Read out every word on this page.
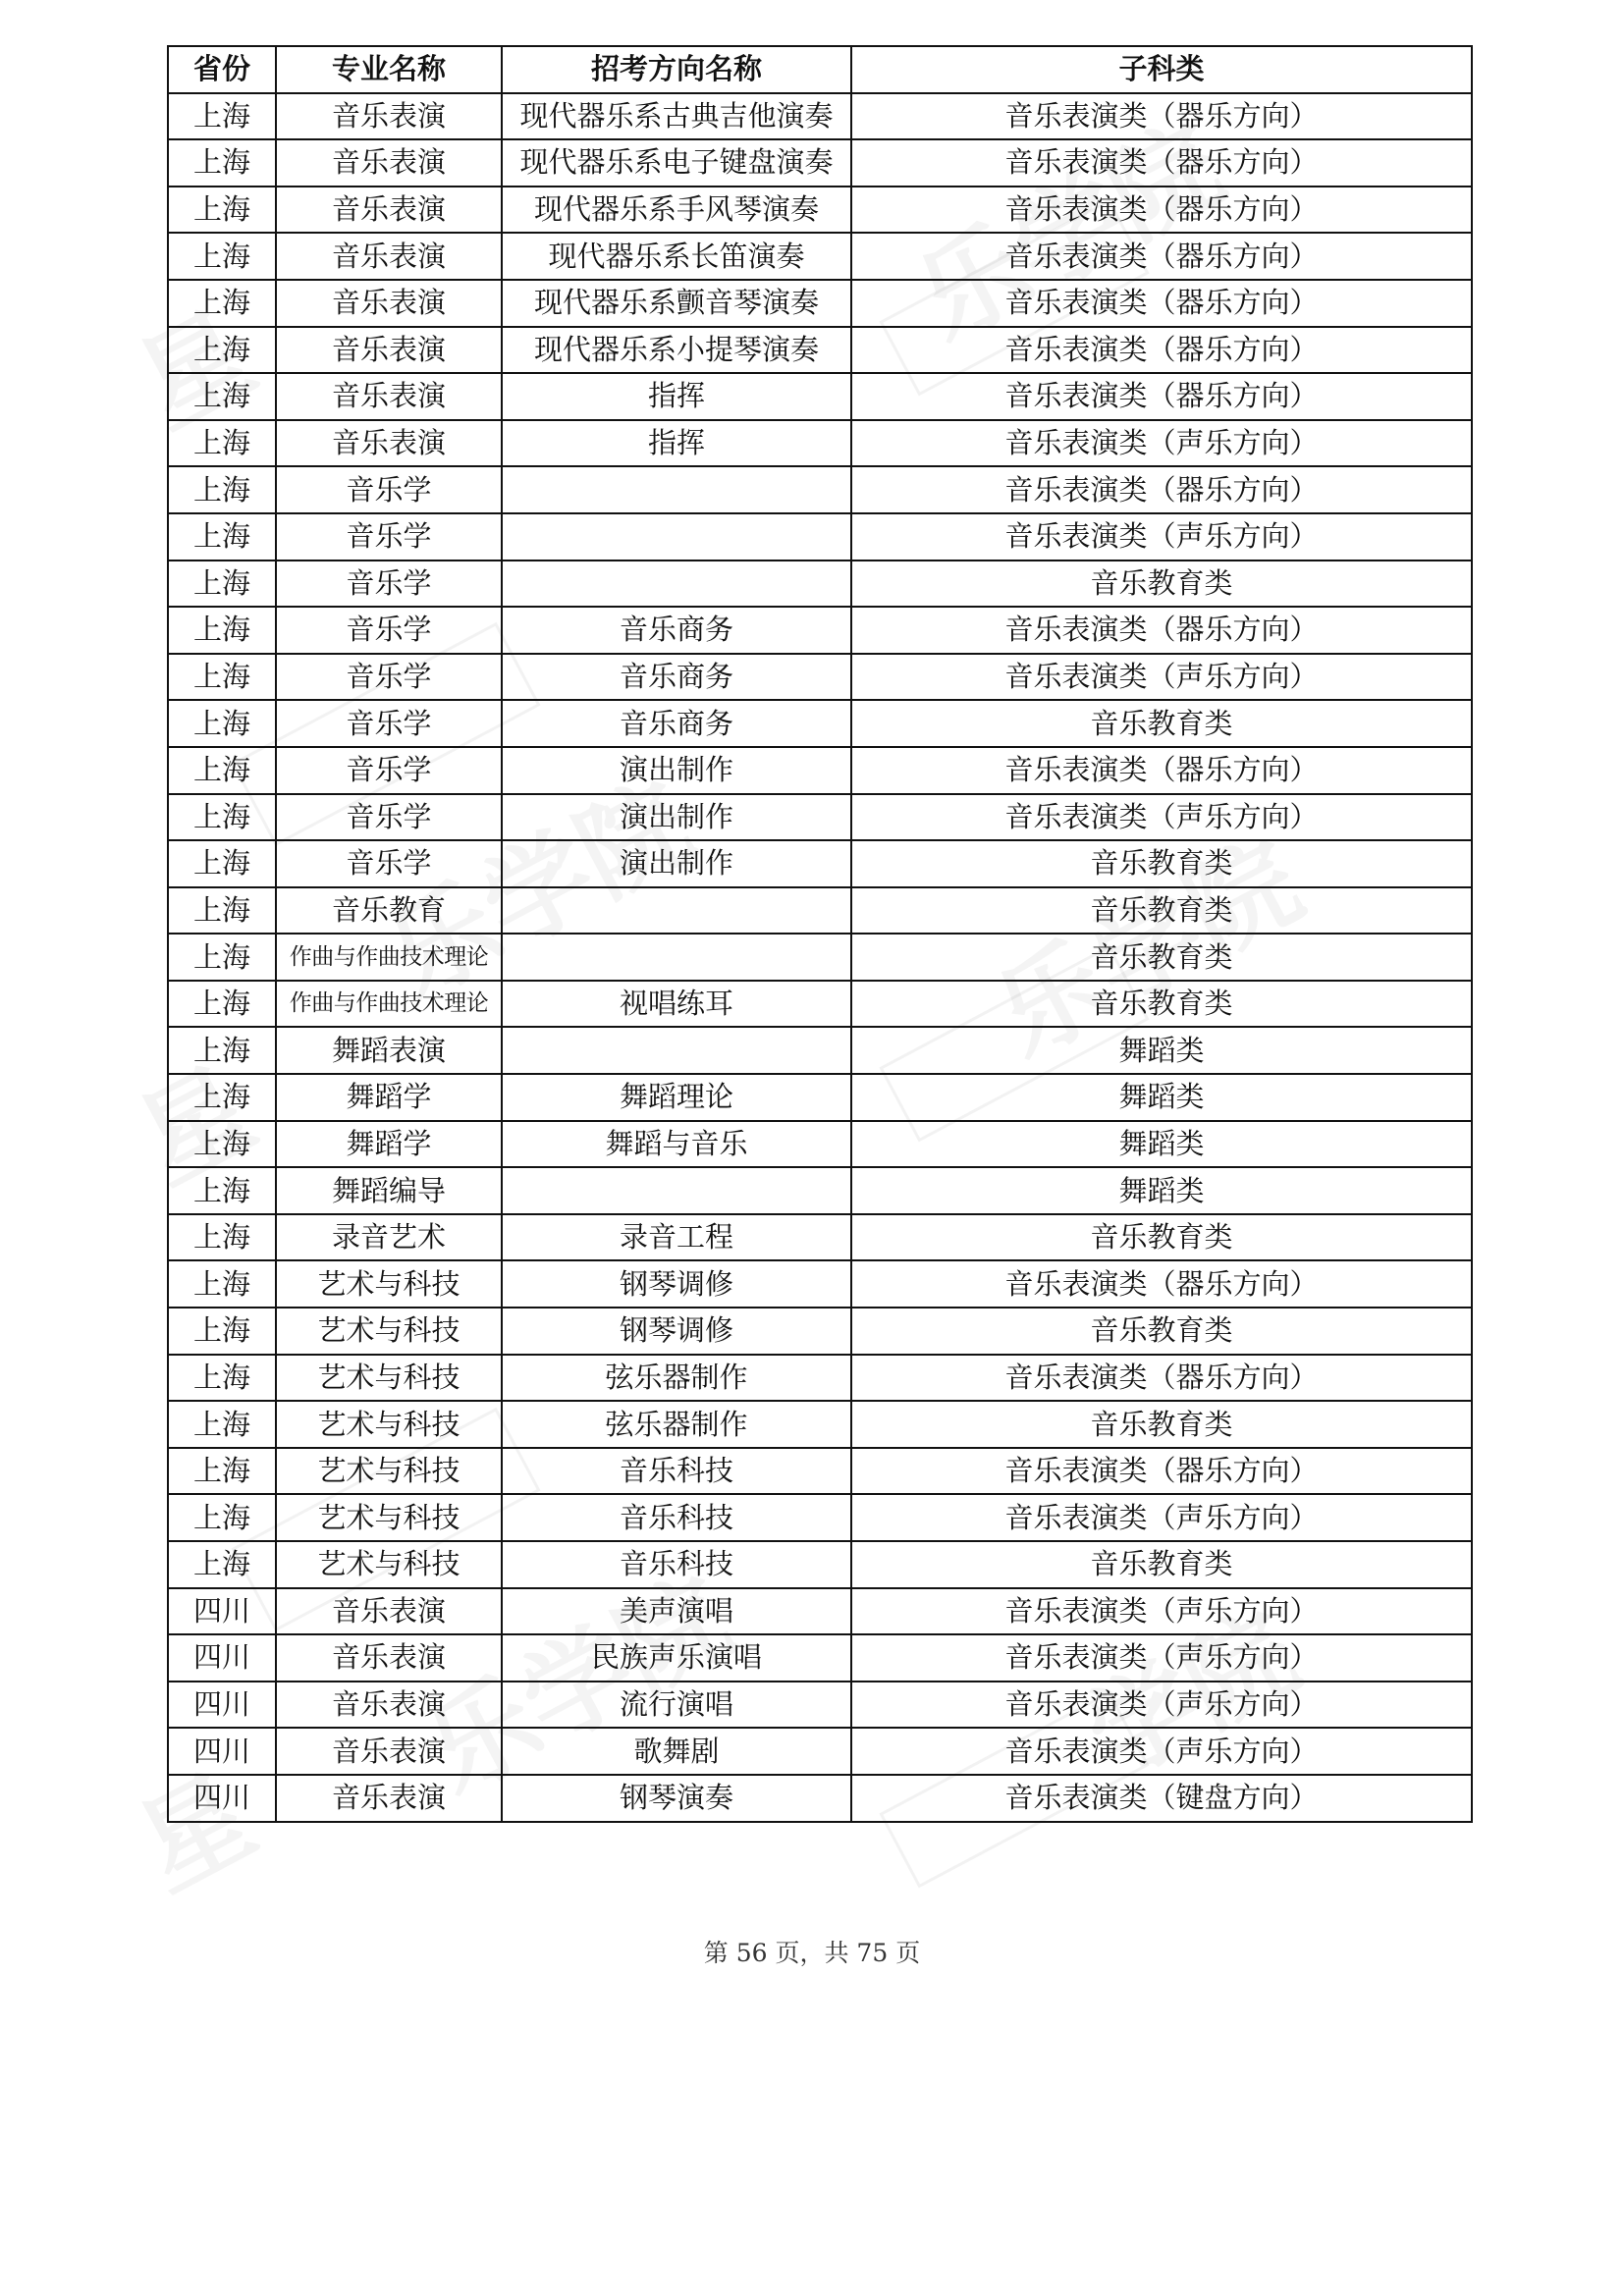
省份	专业名称	招考方向名称	子科类
上海	音乐表演	现代器乐系古典吉他演奏	音乐表演类（器乐方向）
上海	音乐表演	现代器乐系电子键盘演奏	音乐表演类（器乐方向）
上海	音乐表演	现代器乐系手风琴演奏	音乐表演类（器乐方向）
上海	音乐表演	现代器乐系长笛演奏	音乐表演类（器乐方向）
上海	音乐表演	现代器乐系颤音琴演奏	音乐表演类（器乐方向）
上海	音乐表演	现代器乐系小提琴演奏	音乐表演类（器乐方向）
上海	音乐表演	指挥	音乐表演类（器乐方向）
上海	音乐表演	指挥	音乐表演类（声乐方向）
上海	音乐学		音乐表演类（器乐方向）
上海	音乐学		音乐表演类（声乐方向）
上海	音乐学		音乐教育类
上海	音乐学	音乐商务	音乐表演类（器乐方向）
上海	音乐学	音乐商务	音乐表演类（声乐方向）
上海	音乐学	音乐商务	音乐教育类
上海	音乐学	演出制作	音乐表演类（器乐方向）
上海	音乐学	演出制作	音乐表演类（声乐方向）
上海	音乐学	演出制作	音乐教育类
上海	音乐教育		音乐教育类
上海	作曲与作曲技术理论		音乐教育类
上海	作曲与作曲技术理论	视唱练耳	音乐教育类
上海	舞蹈表演		舞蹈类
上海	舞蹈学	舞蹈理论	舞蹈类
上海	舞蹈学	舞蹈与音乐	舞蹈类
上海	舞蹈编导		舞蹈类
上海	录音艺术	录音工程	音乐教育类
上海	艺术与科技	钢琴调修	音乐表演类（器乐方向）
上海	艺术与科技	钢琴调修	音乐教育类
上海	艺术与科技	弦乐器制作	音乐表演类（器乐方向）
上海	艺术与科技	弦乐器制作	音乐教育类
上海	艺术与科技	音乐科技	音乐表演类（器乐方向）
上海	艺术与科技	音乐科技	音乐表演类（声乐方向）
上海	艺术与科技	音乐科技	音乐教育类
四川	音乐表演	美声演唱	音乐表演类（声乐方向）
四川	音乐表演	民族声乐演唱	音乐表演类（声乐方向）
四川	音乐表演	流行演唱	音乐表演类（声乐方向）
四川	音乐表演	歌舞剧	音乐表演类（声乐方向）
四川	音乐表演	钢琴演奏	音乐表演类（键盘方向）
第 56 页，共 75 页
